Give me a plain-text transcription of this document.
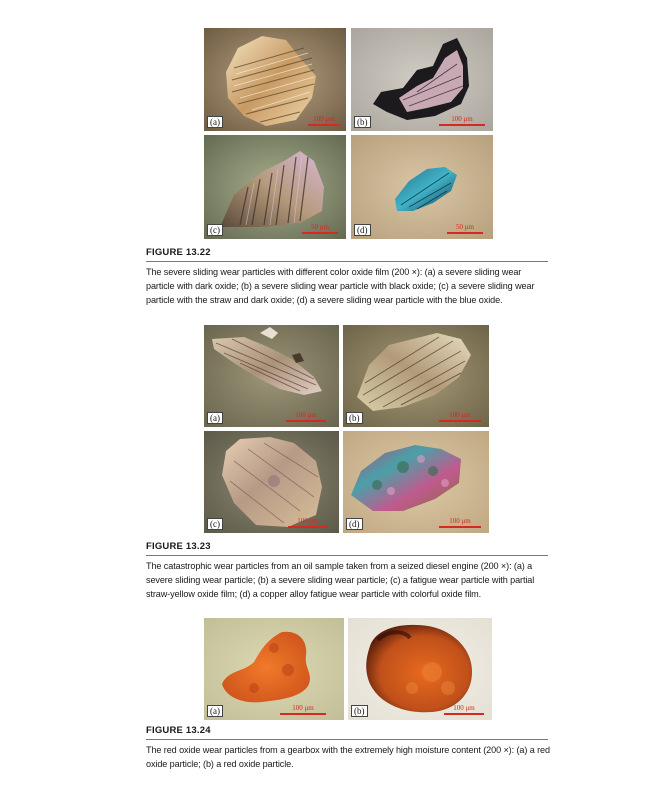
(a)	100 μm	(b)	100 μm
(c)	50 μm	(d)	50 μm
FIGURE 13.22
The severe sliding wear particles with different color oxide film (200 ×): (a) a severe sliding wear particle with dark oxide; (b) a severe sliding wear particle with black oxide; (c) a severe sliding wear particle with the straw and dark oxide; (d) a severe sliding wear particle with the blue oxide.
(a)	100 μm	(b)	100 μm
(c)	100 μm	(d)	100 μm
FIGURE 13.23
The catastrophic wear particles from an oil sample taken from a seized diesel engine (200 ×): (a) a severe sliding wear particle; (b) a severe sliding wear particle; (c) a fatigue wear particle with partial straw-yellow oxide film; (d) a copper alloy fatigue wear particle with colorful oxide film.
(a)	100 μm	(b)	100 μm
FIGURE 13.24
The red oxide wear particles from a gearbox with the extremely high moisture content (200 ×): (a) a red oxide particle; (b) a red oxide particle.
